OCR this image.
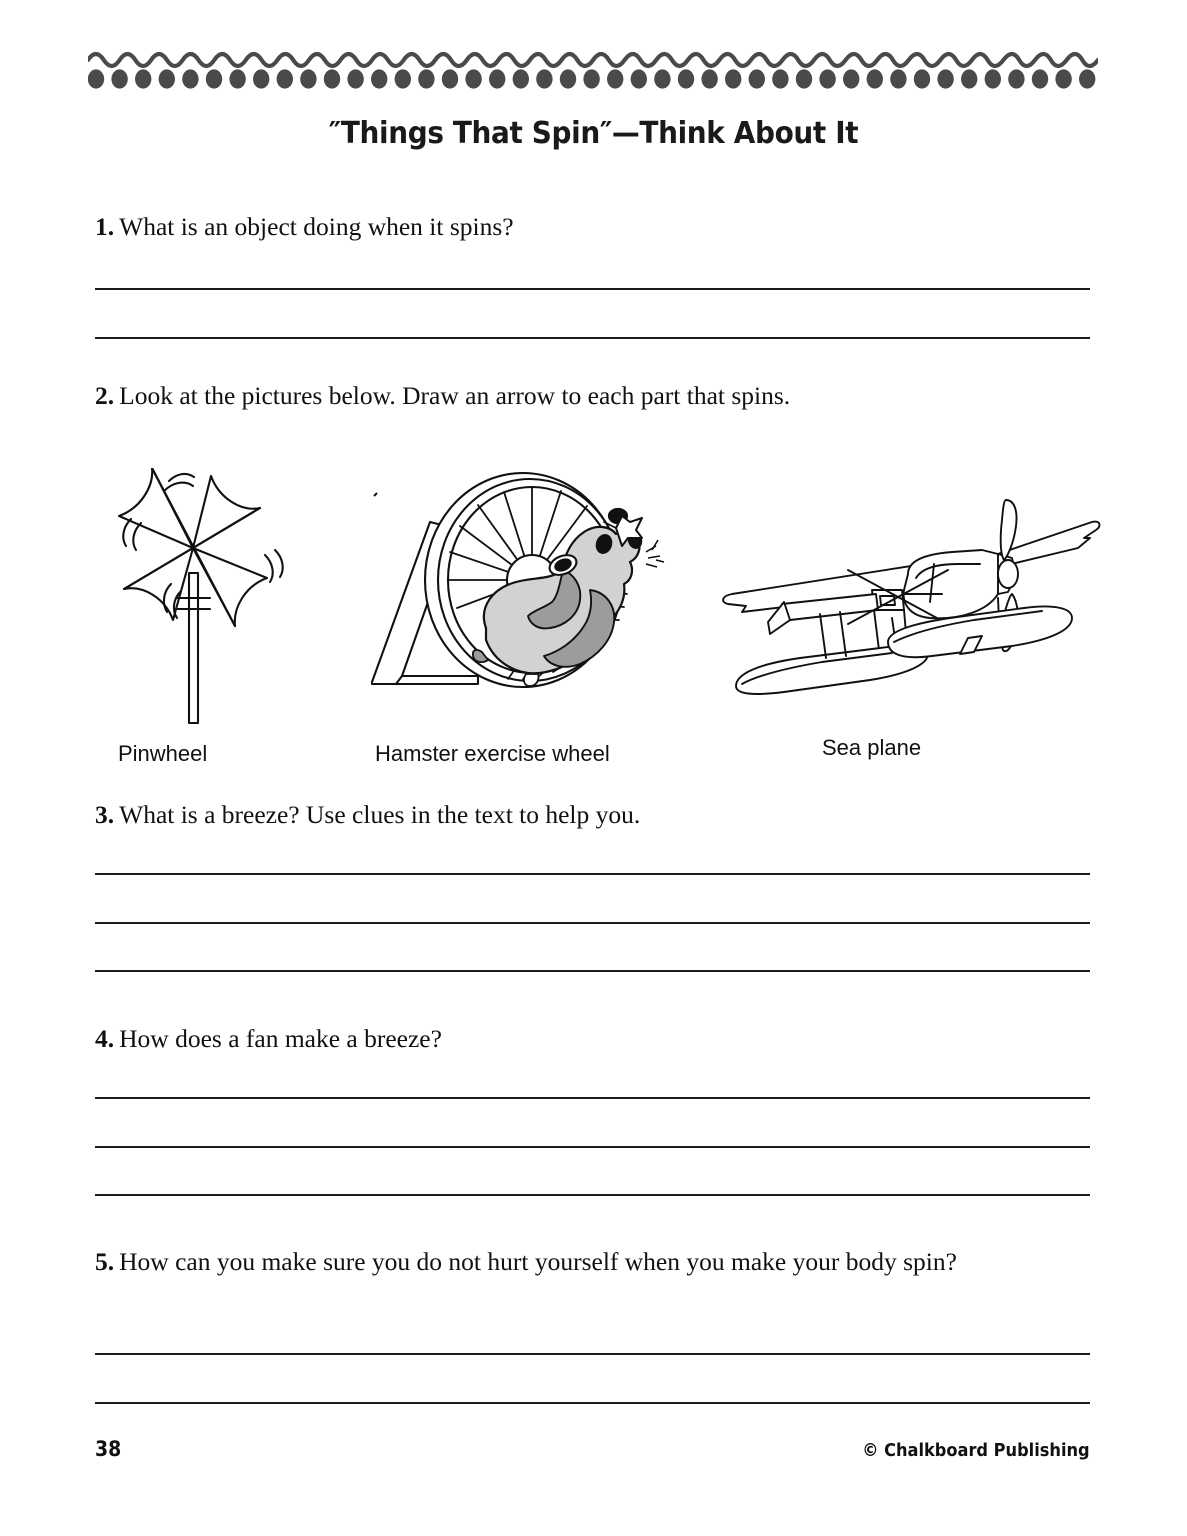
″Things That Spin″—Think About It
1. What is an object doing when it spins?
2. Look at the pictures below. Draw an arrow to each part that spins.
Pinwheel	Hamster exercise wheel	Sea plane
3. What is a breeze? Use clues in the text to help you.
4. How does a fan make a breeze?
5. How can you make sure you do not hurt yourself when you make your body spin?
38	© Chalkboard Publishing
